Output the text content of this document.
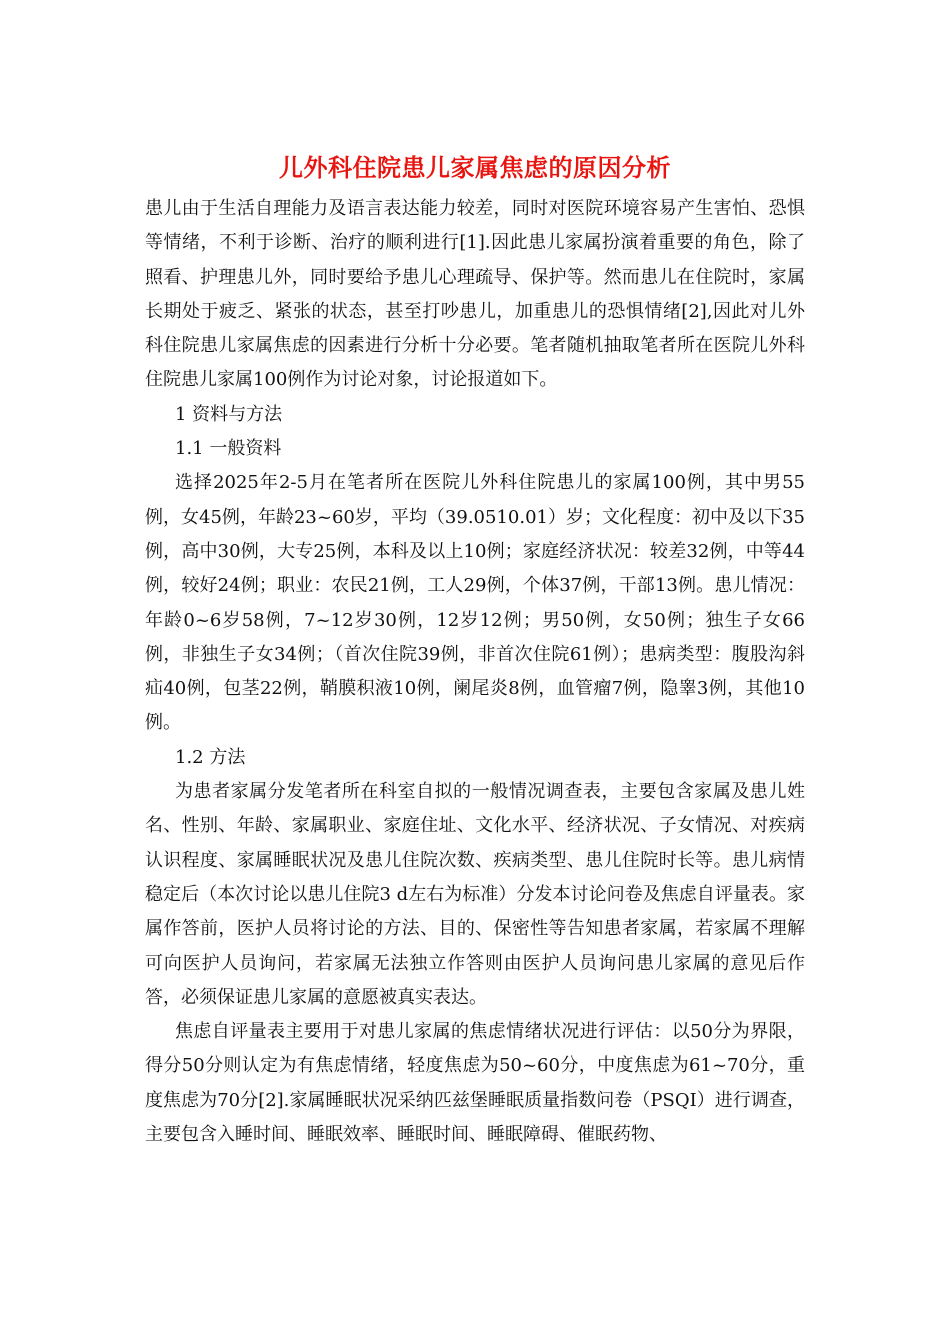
儿外科住院患儿家属焦虑的原因分析

患儿由于生活自理能力及语言表达能力较差，同时对医院环境容易产生害怕、恐惧等情绪，不利于诊断、治疗的顺利进行[1].因此患儿家属扮演着重要的角色，除了照看、护理患儿外，同时要给予患儿心理疏导、保护等。然而患儿在住院时，家属长期处于疲乏、紧张的状态，甚至打吵患儿，加重患儿的恐惧情绪[2],因此对儿外科住院患儿家属焦虑的因素进行分析十分必要。笔者随机抽取笔者所在医院儿外科住院患儿家属100例作为讨论对象，讨论报道如下。

1 资料与方法

1.1 一般资料

选择2025年2-5月在笔者所在医院儿外科住院患儿的家属100例，其中男55例，女45例，年龄23~60岁，平均（39.0510.01）岁；文化程度：初中及以下35例，高中30例，大专25例，本科及以上10例；家庭经济状况：较差32例，中等44例，较好24例；职业：农民21例，工人29例，个体37例，干部13例。患儿情况：年龄0~6岁58例，7~12岁30例，12岁12例；男50例，女50例；独生子女66例，非独生子女34例；（首次住院39例，非首次住院61例）；患病类型：腹股沟斜疝40例，包茎22例，鞘膜积液10例，阑尾炎8例，血管瘤7例，隐睾3例，其他10例。

1.2 方法

为患者家属分发笔者所在科室自拟的一般情况调查表，主要包含家属及患儿姓名、性别、年龄、家属职业、家庭住址、文化水平、经济状况、子女情况、对疾病认识程度、家属睡眠状况及患儿住院次数、疾病类型、患儿住院时长等。患儿病情稳定后（本次讨论以患儿住院3 d左右为标准）分发本讨论问卷及焦虑自评量表。家属作答前，医护人员将讨论的方法、目的、保密性等告知患者家属，若家属不理解可向医护人员询问，若家属无法独立作答则由医护人员询问患儿家属的意见后作答，必须保证患儿家属的意愿被真实表达。

焦虑自评量表主要用于对患儿家属的焦虑情绪状况进行评估：以50分为界限，得分50分则认定为有焦虑情绪，轻度焦虑为50~60分，中度焦虑为61~70分，重度焦虑为70分[2].家属睡眠状况采纳匹兹堡睡眠质量指数问卷（PSQI）进行调查，主要包含入睡时间、睡眠效率、睡眠时间、睡眠障碍、催眠药物、
